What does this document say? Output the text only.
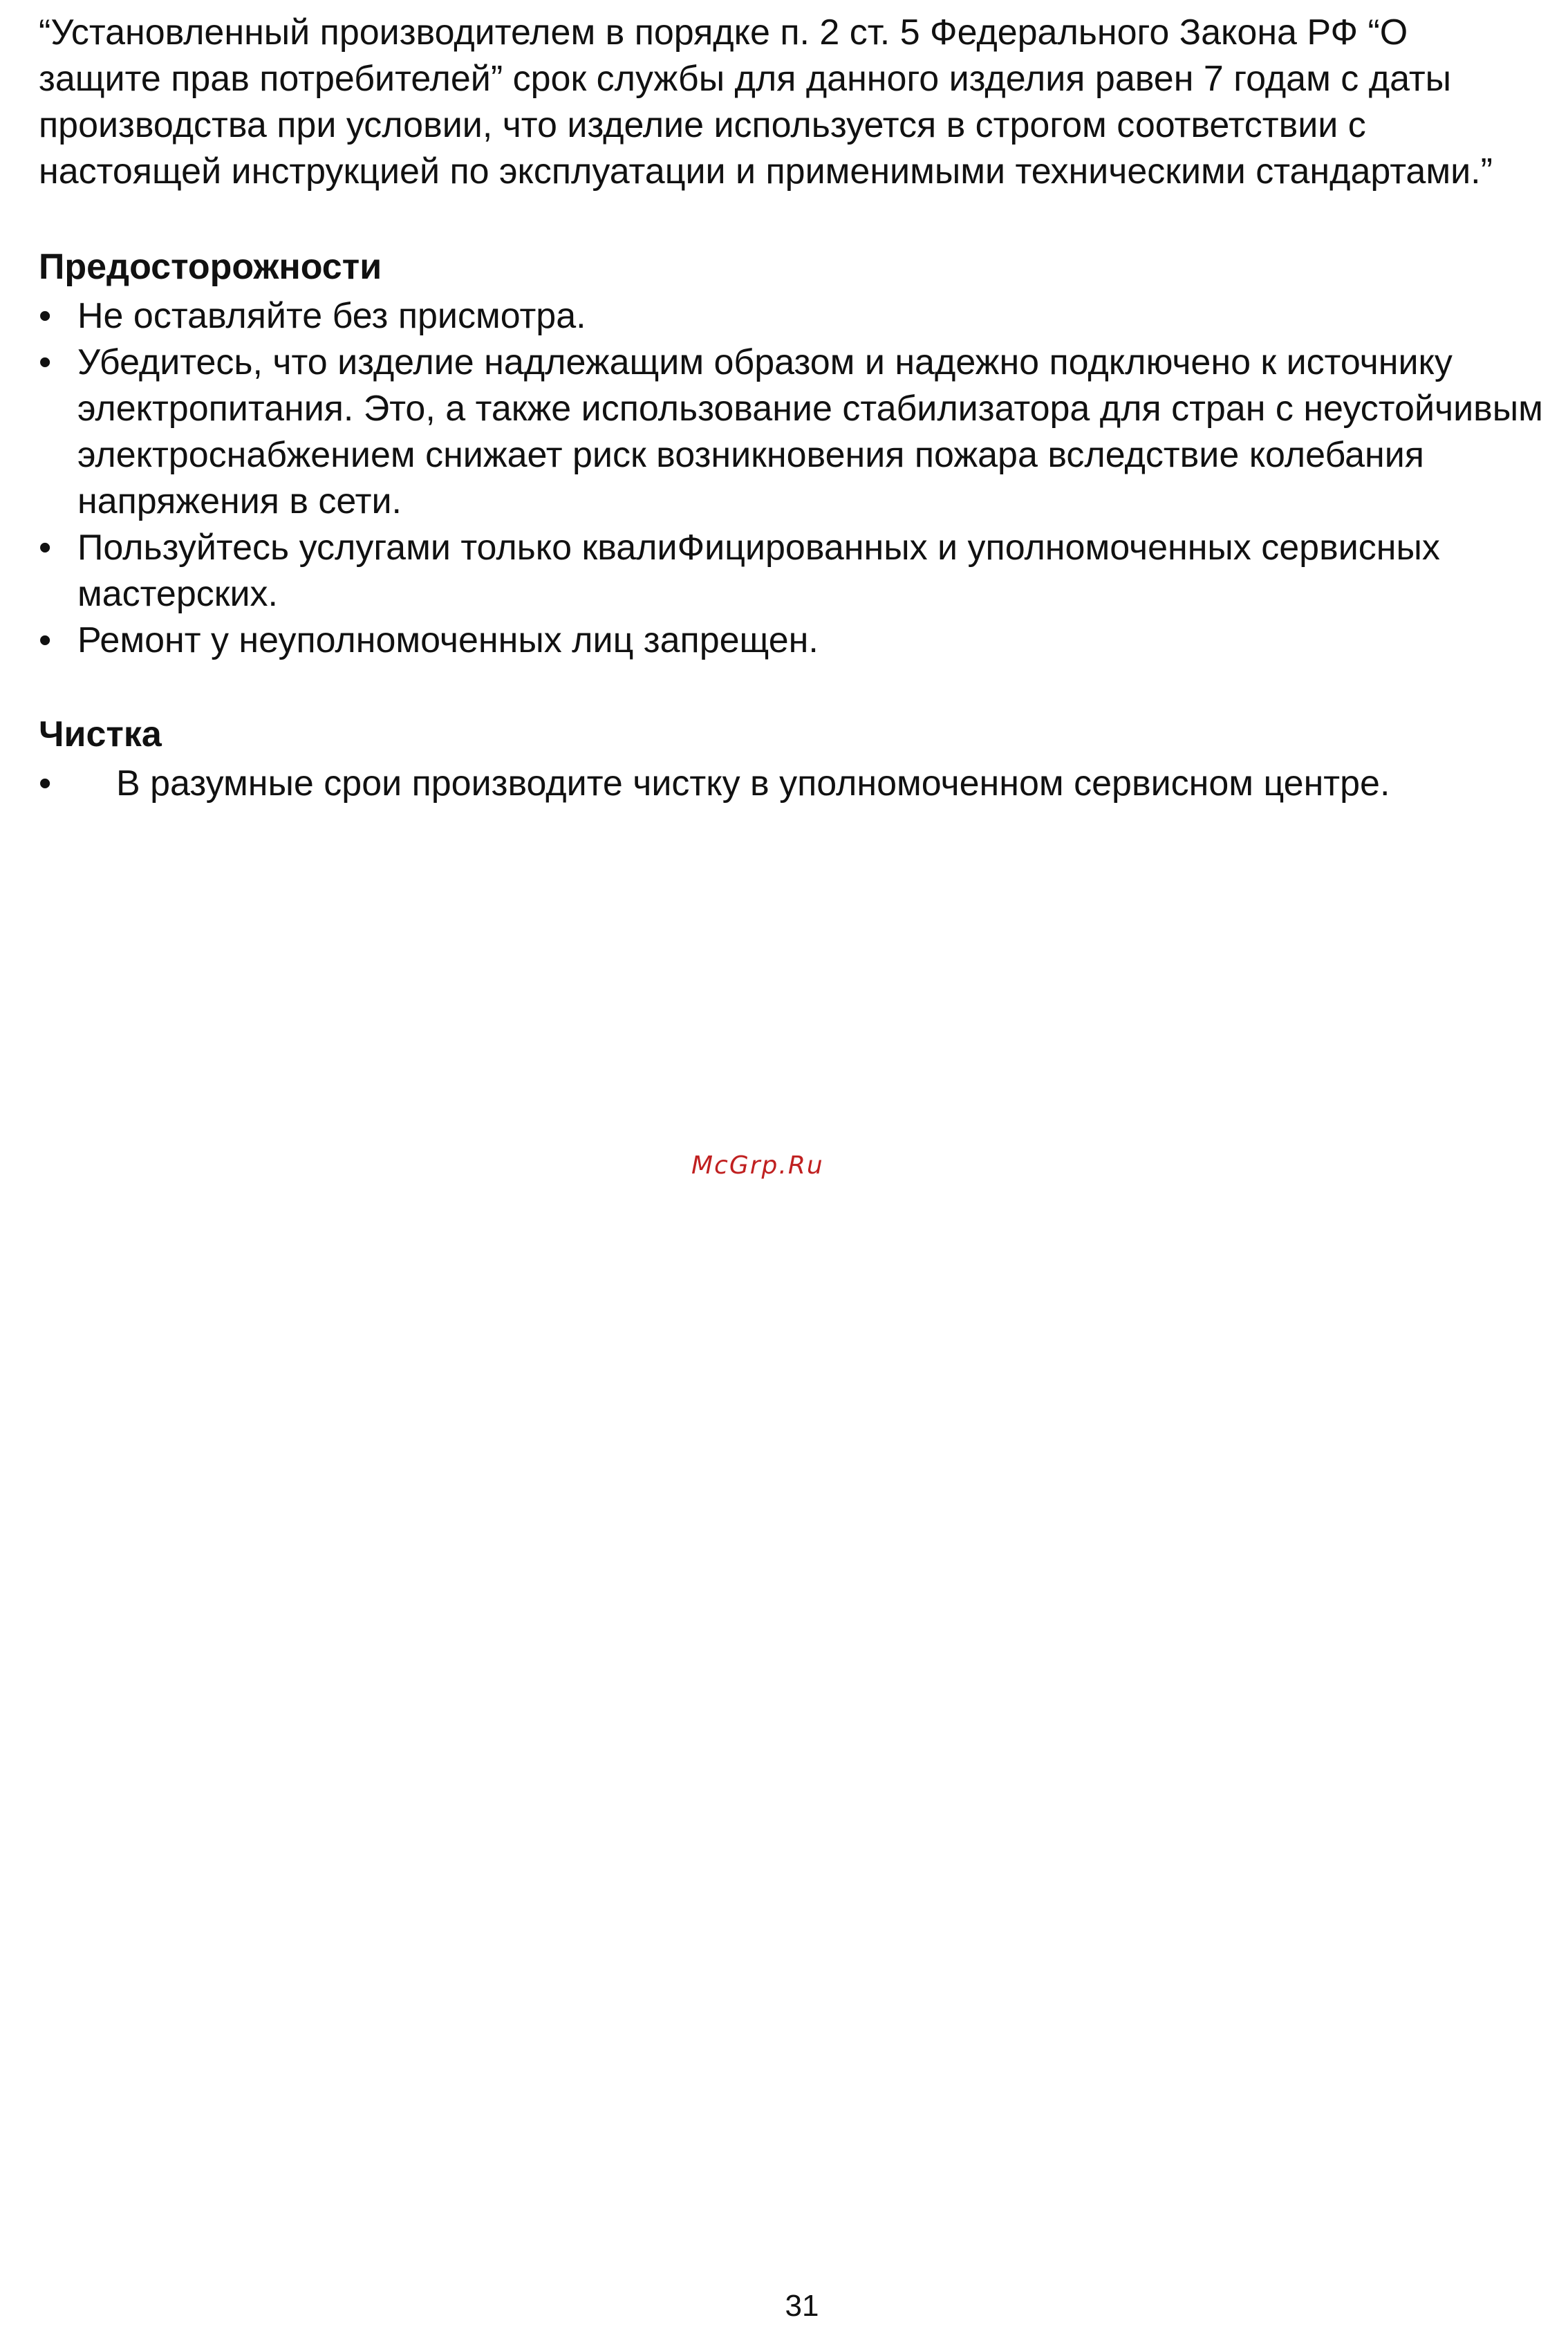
“Установленный производителем в порядке п. 2 ст. 5 Федерального Закона РФ “О защите прав потребителей” срок службы для данного изделия равен 7 годам с даты производства при условии, что изделие используется в строгом соответствии с настоящей инструкцией по эксплуатации и применимыми техническими стандартами.”

Предосторожности
• Не оставляйте без присмотра.
• Убедитесь, что изделие надлежащим образом и надежно подключено к источнику электропитания. Это, а также использование стабилизатора для стран с неустойчивым электроснабжением снижает риск возникновения пожара вследствие колебания напряжения в сети.
• Пользуйтесь услугами только квалиФицированных и уполномоченных сервисных мастерских.
• Ремонт у неуполномоченных лиц запрещен.
Чистка
•	В разумные срои производите чистку в уполномоченном сервисном центре.

McGrp.Ru

31
